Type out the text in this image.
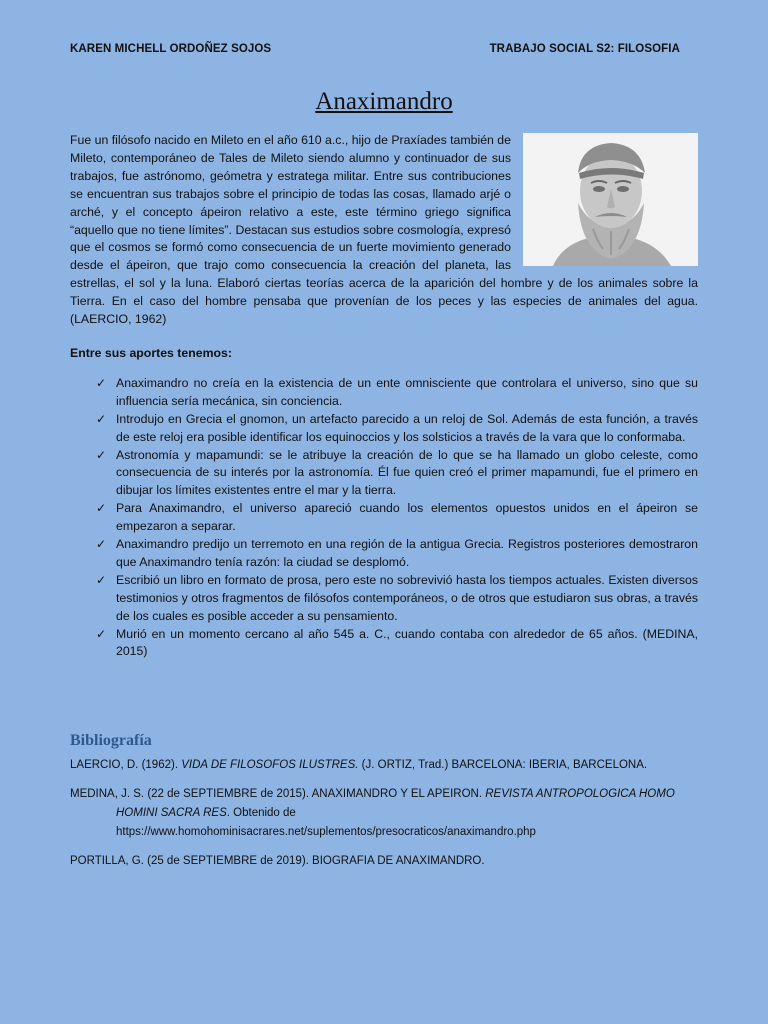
KAREN MICHELL ORDOÑEZ SOJOS	TRABAJO SOCIAL S2: FILOSOFIA
Anaximandro

Fue un filósofo nacido en Mileto en el año 610 a.c., hijo de Praxíades también de Mileto, contemporáneo de Tales de Mileto siendo alumno y continuador de sus trabajos, fue astrónomo, geómetra y estratega militar. Entre sus contribuciones se encuentran sus trabajos sobre el principio de todas las cosas, llamado arjé o arché, y el concepto ápeiron relativo a este, este término griego significa “aquello que no tiene límites”. Destacan sus estudios sobre cosmología, expresó que el cosmos se formó como consecuencia de un fuerte movimiento generado desde el ápeiron, que trajo como consecuencia la creación del planeta, las estrellas, el sol y la luna. Elaboró ciertas teorías acerca de la aparición del hombre y de los animales sobre la Tierra. En el caso del hombre pensaba que provenían de los peces y las especies de animales del agua. (LAERCIO, 1962)

Entre sus aportes tenemos:
✓ Anaximandro no creía en la existencia de un ente omnisciente que controlara el universo, sino que su influencia sería mecánica, sin conciencia.
✓ Introdujo en Grecia el gnomon, un artefacto parecido a un reloj de Sol. Además de esta función, a través de este reloj era posible identificar los equinoccios y los solsticios a través de la vara que lo conformaba.
✓ Astronomía y mapamundi: se le atribuye la creación de lo que se ha llamado un globo celeste, como consecuencia de su interés por la astronomía. Él fue quien creó el primer mapamundi, fue el primero en dibujar los límites existentes entre el mar y la tierra.
✓ Para Anaximandro, el universo apareció cuando los elementos opuestos unidos en el ápeiron se empezaron a separar.
✓ Anaximandro predijo un terremoto en una región de la antigua Grecia. Registros posteriores demostraron que Anaximandro tenía razón: la ciudad se desplomó.
✓ Escribió un libro en formato de prosa, pero este no sobrevivió hasta los tiempos actuales. Existen diversos testimonios y otros fragmentos de filósofos contemporáneos, o de otros que estudiaron sus obras, a través de los cuales es posible acceder a su pensamiento.
✓ Murió en un momento cercano al año 545 a. C., cuando contaba con alrededor de 65 años. (MEDINA, 2015)
Bibliografía

LAERCIO, D. (1962). VIDA DE FILOSOFOS ILUSTRES. (J. ORTIZ, Trad.) BARCELONA: IBERIA, BARCELONA.

MEDINA, J. S. (22 de SEPTIEMBRE de 2015). ANAXIMANDRO Y EL APEIRON. REVISTA ANTROPOLOGICA HOMO HOMINI SACRA RES. Obtenido de https://www.homohominisacrares.net/suplementos/presocraticos/anaximandro.php

PORTILLA, G. (25 de SEPTIEMBRE de 2019). BIOGRAFIA DE ANAXIMANDRO.
